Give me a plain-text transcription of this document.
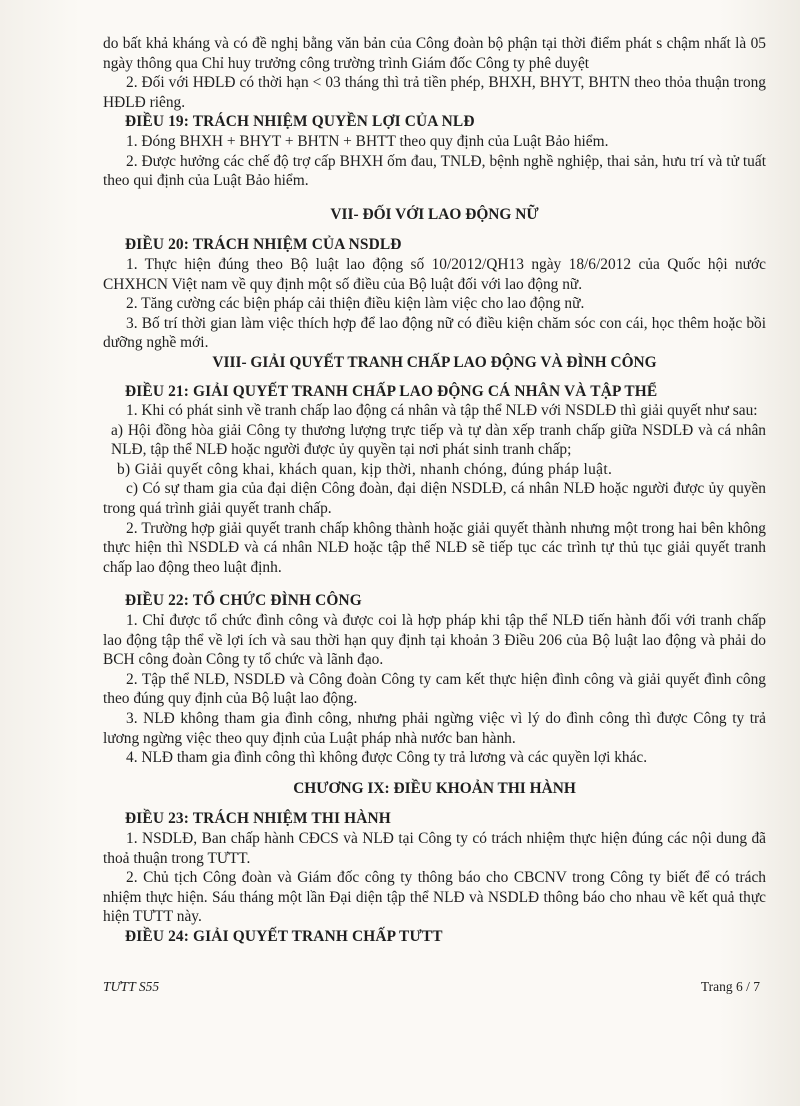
do bất khả kháng và có đề nghị bằng văn bản của Công đoàn bộ phận tại thời điểm phát s chậm nhất là 05 ngày thông qua Chỉ huy trưởng công trường trình Giám đốc Công ty phê duyệt

2. Đối với HĐLĐ có thời hạn < 03 tháng thì trả tiền phép, BHXH, BHYT, BHTN theo thỏa thuận trong HĐLĐ riêng.

ĐIỀU 19: TRÁCH NHIỆM QUYỀN LỢI CỦA NLĐ

1. Đóng BHXH + BHYT + BHTN + BHTT theo quy định của Luật Bảo hiểm.

2. Được hưởng các chế độ trợ cấp BHXH ốm đau, TNLĐ, bệnh nghề nghiệp, thai sản, hưu trí và tử tuất theo qui định của Luật Bảo hiểm.

VII- ĐỐI VỚI LAO ĐỘNG NỮ

ĐIỀU 20: TRÁCH NHIỆM CỦA NSDLĐ

1. Thực hiện đúng theo Bộ luật lao động số 10/2012/QH13 ngày 18/6/2012 của Quốc hội nước CHXHCN Việt nam về quy định một số điều của Bộ luật đối với lao động nữ.

2. Tăng cường các biện pháp cải thiện điều kiện làm việc cho lao động nữ.

3. Bố trí thời gian làm việc thích hợp để lao động nữ có điều kiện chăm sóc con cái, học thêm hoặc bồi dưỡng nghề mới.

VIII- GIẢI QUYẾT TRANH CHẤP LAO ĐỘNG VÀ ĐÌNH CÔNG

ĐIỀU 21: GIẢI QUYẾT TRANH CHẤP LAO ĐỘNG CÁ NHÂN VÀ TẬP THỂ

1. Khi có phát sinh về tranh chấp lao động cá nhân và tập thể NLĐ với NSDLĐ thì giải quyết như sau:

a) Hội đồng hòa giải Công ty thương lượng trực tiếp và tự dàn xếp tranh chấp giữa NSDLĐ và cá nhân NLĐ, tập thể NLĐ hoặc người được ủy quyền tại nơi phát sinh tranh chấp;

b) Giải quyết công khai, khách quan, kịp thời, nhanh chóng, đúng pháp luật.

c) Có sự tham gia của đại diện Công đoàn, đại diện NSDLĐ, cá nhân NLĐ hoặc người được ủy quyền trong quá trình giải quyết tranh chấp.

2. Trường hợp giải quyết tranh chấp không thành hoặc giải quyết thành nhưng một trong hai bên không thực hiện thì NSDLĐ và cá nhân NLĐ hoặc tập thể NLĐ sẽ tiếp tục các trình tự thủ tục giải quyết tranh chấp lao động theo luật định.

ĐIỀU 22: TỔ CHỨC ĐÌNH CÔNG

1. Chỉ được tổ chức đình công và được coi là hợp pháp khi tập thể NLĐ tiến hành đối với tranh chấp lao động tập thể về lợi ích và sau thời hạn quy định tại khoản 3 Điều 206 của Bộ luật lao động và phải do BCH công đoàn Công ty tổ chức và lãnh đạo.

2. Tập thể NLĐ, NSDLĐ và Công đoàn Công ty cam kết thực hiện đình công và giải quyết đình công theo đúng quy định của Bộ luật lao động.

3. NLĐ không tham gia đình công, nhưng phải ngừng việc vì lý do đình công thì được Công ty trả lương ngừng việc theo quy định của Luật pháp nhà nước ban hành.

4. NLĐ tham gia đình công thì không được Công ty trả lương và các quyền lợi khác.

CHƯƠNG IX: ĐIỀU KHOẢN THI HÀNH

ĐIỀU 23: TRÁCH NHIỆM THI HÀNH

1. NSDLĐ, Ban chấp hành CĐCS và NLĐ tại Công ty có trách nhiệm thực hiện đúng các nội dung đã thoả thuận trong TƯTT.

2. Chủ tịch Công đoàn và Giám đốc công ty thông báo cho CBCNV trong Công ty biết để có trách nhiệm thực hiện. Sáu tháng một lần Đại diện tập thể NLĐ và NSDLĐ thông báo cho nhau về kết quả thực hiện TƯTT này.

ĐIỀU 24: GIẢI QUYẾT TRANH CHẤP TƯTT

TƯTT S55	Trang 6 / 7
